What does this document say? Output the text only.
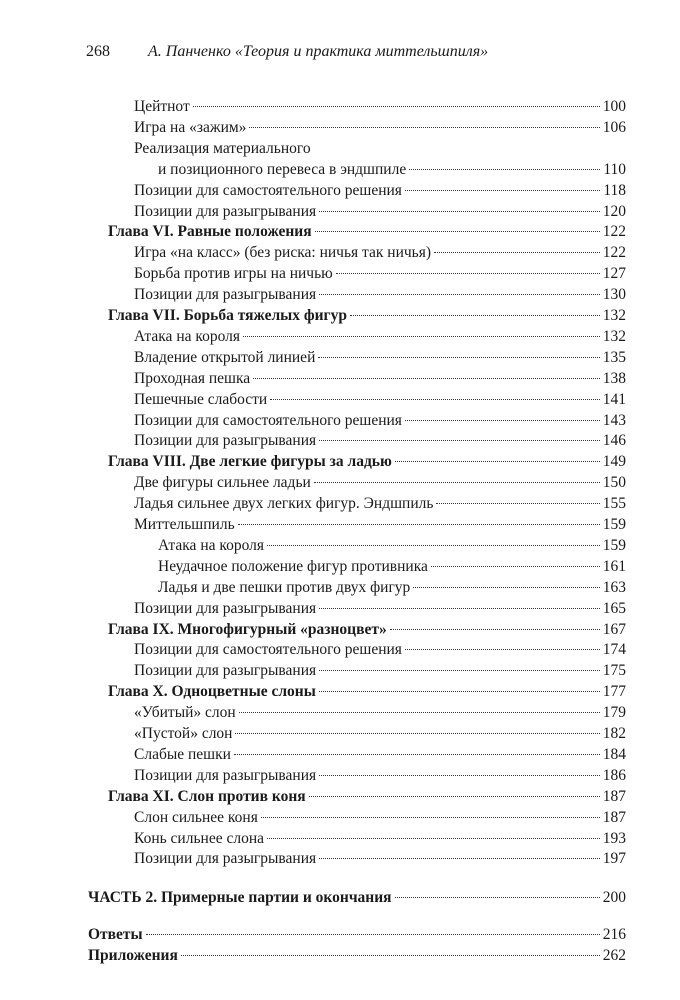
268 А. Панченко «Теория и практика миттельшпиля»
Цейтнот	100
Игра на «зажим»	106
Реализация материального
и позиционного перевеса в эндшпиле	110
Позиции для самостоятельного решения	118
Позиции для разыгрывания	120
Глава VI. Равные положения	122
Игра «на класс» (без риска: ничья так ничья)	122
Борьба против игры на ничью	127
Позиции для разыгрывания	130
Глава VII. Борьба тяжелых фигур	132
Атака на короля	132
Владение открытой линией	135
Проходная пешка	138
Пешечные слабости	141
Позиции для самостоятельного решения	143
Позиции для разыгрывания	146
Глава VIII. Две легкие фигуры за ладью	149
Две фигуры сильнее ладьи	150
Ладья сильнее двух легких фигур. Эндшпиль	155
Миттельшпиль	159
Атака на короля	159
Неудачное положение фигур противника	161
Ладья и две пешки против двух фигур	163
Позиции для разыгрывания	165
Глава IX. Многофигурный «разноцвет»	167
Позиции для самостоятельного решения	174
Позиции для разыгрывания	175
Глава X. Одноцветные слоны	177
«Убитый» слон	179
«Пустой» слон	182
Слабые пешки	184
Позиции для разыгрывания	186
Глава XI. Слон против коня	187
Слон сильнее коня	187
Конь сильнее слона	193
Позиции для разыгрывания	197
ЧАСТЬ 2. Примерные партии и окончания	200
Ответы	216
Приложения	262
